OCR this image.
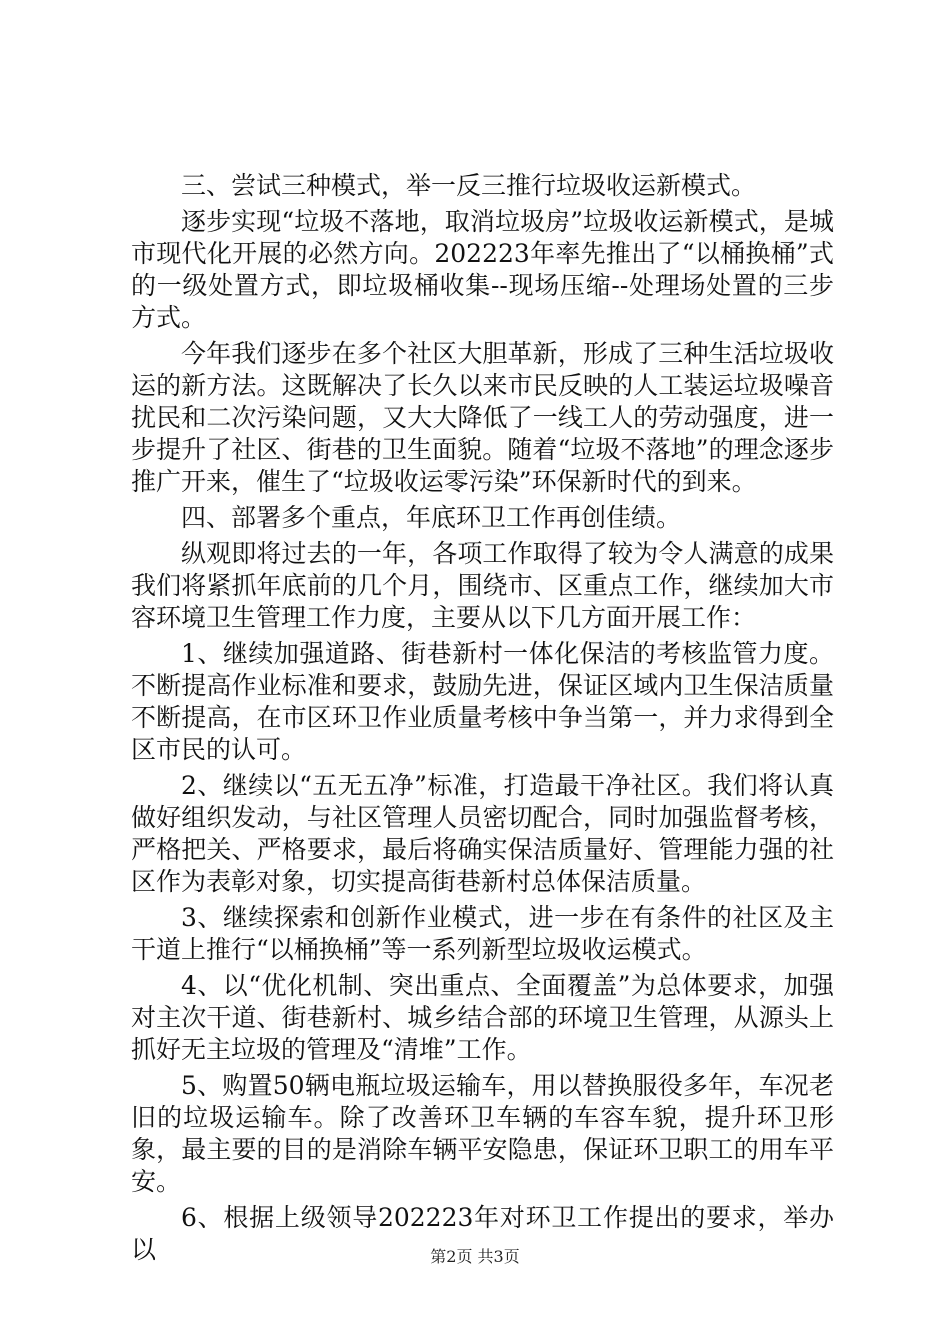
三、尝试三种模式，举一反三推行垃圾收运新模式。

逐步实现“垃圾不落地，取消垃圾房”垃圾收运新模式，是城市现代化开展的必然方向。202223年率先推出了“以桶换桶”式的一级处置方式，即垃圾桶收集--现场压缩--处理场处置的三步方式。

今年我们逐步在多个社区大胆革新，形成了三种生活垃圾收运的新方法。这既解决了长久以来市民反映的人工装运垃圾噪音扰民和二次污染问题，又大大降低了一线工人的劳动强度，进一步提升了社区、街巷的卫生面貌。随着“垃圾不落地”的理念逐步推广开来，催生了“垃圾收运零污染”环保新时代的到来。

四、部署多个重点，年底环卫工作再创佳绩。

纵观即将过去的一年，各项工作取得了较为令人满意的成果我们将紧抓年底前的几个月，围绕市、区重点工作，继续加大市容环境卫生管理工作力度，主要从以下几方面开展工作：

1、继续加强道路、街巷新村一体化保洁的考核监管力度。不断提高作业标准和要求，鼓励先进，保证区域内卫生保洁质量不断提高，在市区环卫作业质量考核中争当第一，并力求得到全区市民的认可。

2、继续以“五无五净”标准，打造最干净社区。我们将认真做好组织发动，与社区管理人员密切配合，同时加强监督考核，严格把关、严格要求，最后将确实保洁质量好、管理能力强的社区作为表彰对象，切实提高街巷新村总体保洁质量。

3、继续探索和创新作业模式，进一步在有条件的社区及主干道上推行“以桶换桶”等一系列新型垃圾收运模式。

4、以“优化机制、突出重点、全面覆盖”为总体要求，加强对主次干道、街巷新村、城乡结合部的环境卫生管理，从源头上抓好无主垃圾的管理及“清堆”工作。

5、购置50辆电瓶垃圾运输车，用以替换服役多年，车况老旧的垃圾运输车。除了改善环卫车辆的车容车貌，提升环卫形象，最主要的目的是消除车辆平安隐患，保证环卫职工的用车平安。

6、根据上级领导202223年对环卫工作提出的要求，举办以	第2页 共3页
